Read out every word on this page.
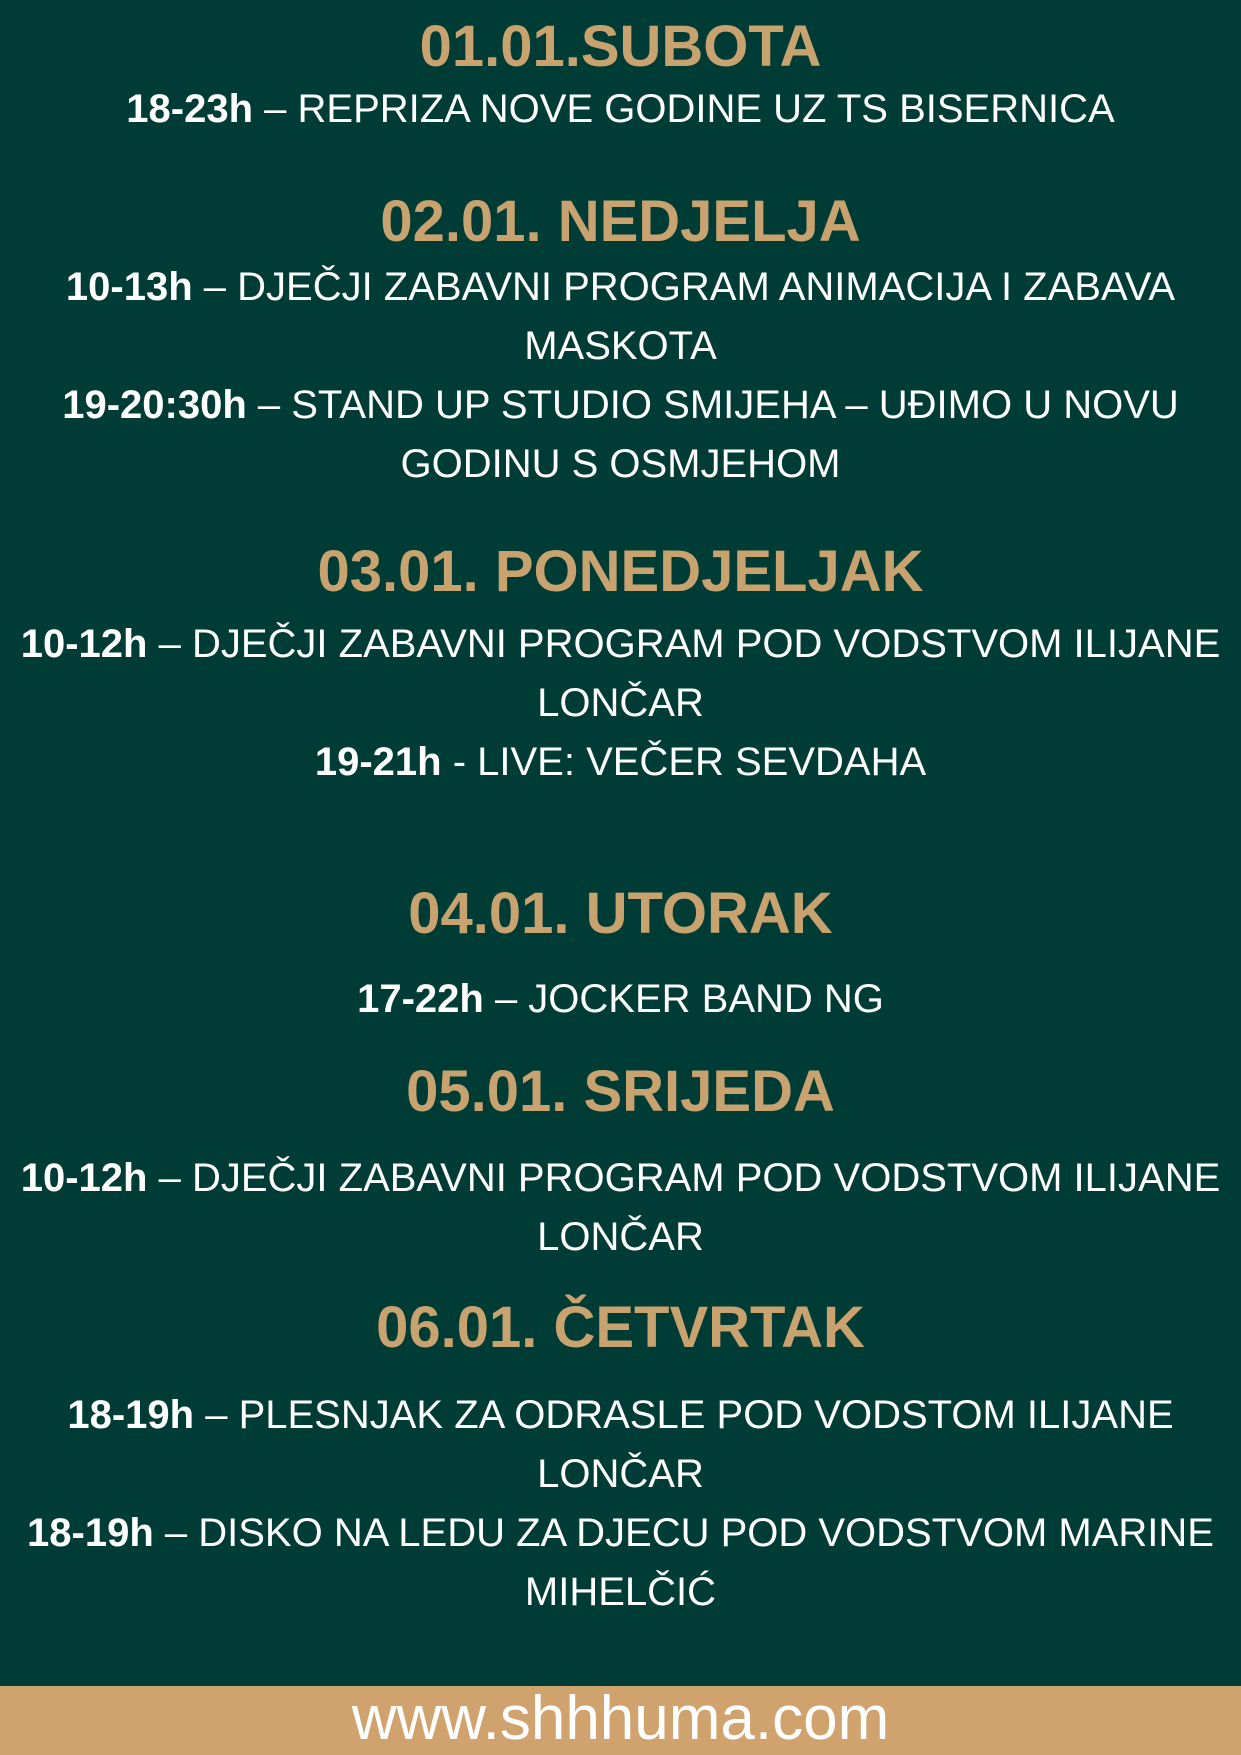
01.01.SUBOTA

18-23h – REPRIZA NOVE GODINE UZ TS BISERNICA

02.01. NEDJELJA

10-13h – DJEČJI ZABAVNI PROGRAM ANIMACIJA I ZABAVA MASKOTA

19-20:30h – STAND UP STUDIO SMIJEHA – UĐIMO U NOVU GODINU S OSMJEHOM

03.01. PONEDJELJAK

10-12h – DJEČJI ZABAVNI PROGRAM POD VODSTVOM ILIJANE LONČAR

19-21h - LIVE: VEČER SEVDAHA

04.01. UTORAK

17-22h – JOCKER BAND NG

05.01. SRIJEDA

10-12h – DJEČJI ZABAVNI PROGRAM POD VODSTVOM ILIJANE LONČAR

06.01. ČETVRTAK

18-19h – PLESNJAK ZA ODRASLE POD VODSTOM ILIJANE LONČAR

18-19h – DISKO NA LEDU ZA DJECU POD VODSTVOM MARINE MIHELČIĆ

www.shhhuma.com
